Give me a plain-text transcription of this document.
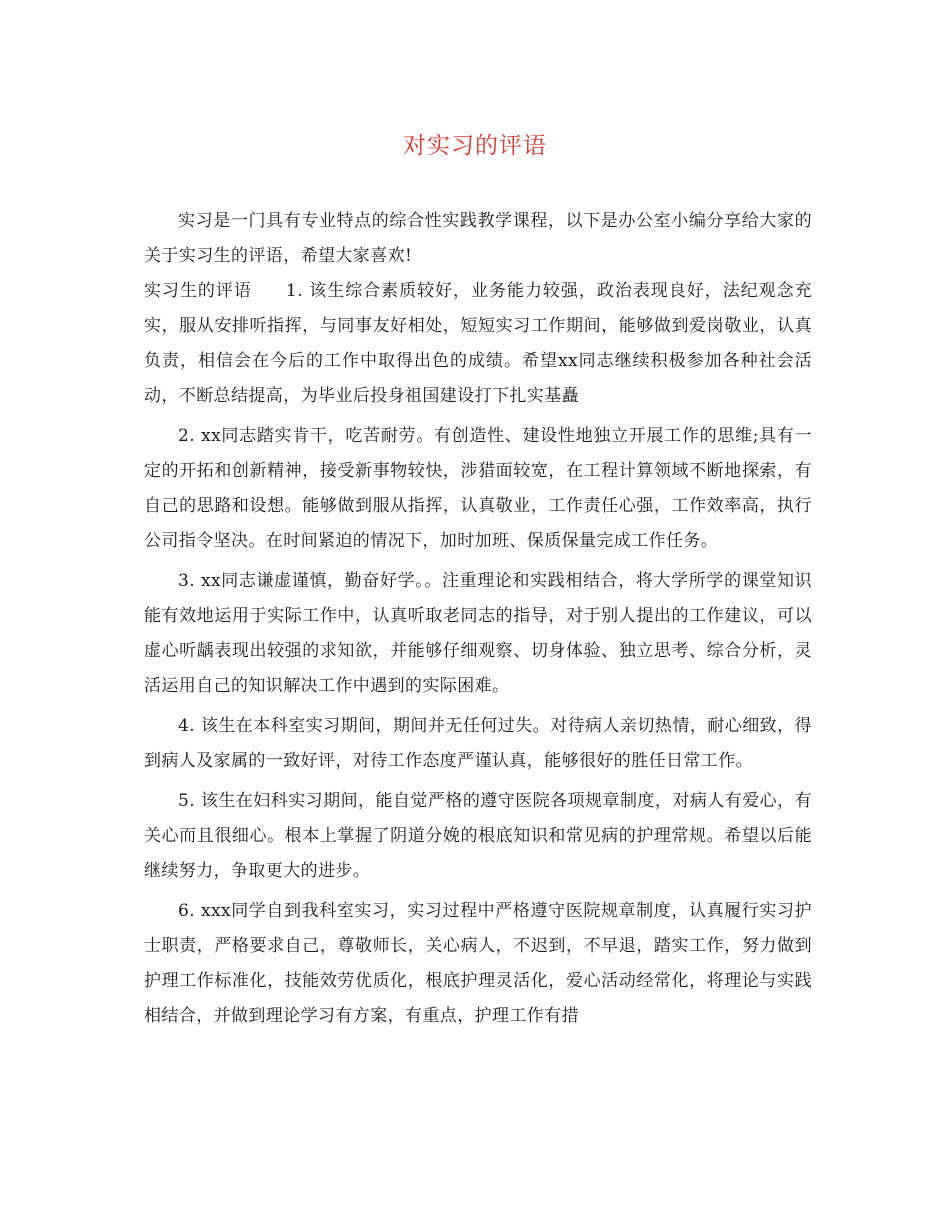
对实习的评语

实习是一门具有专业特点的综合性实践教学课程，以下是办公室小编分享给大家的关于实习生的评语，希望大家喜欢!

实习生的评语 1. 该生综合素质较好，业务能力较强，政治表现良好，法纪观念充实，服从安排听指挥，与同事友好相处，短短实习工作期间，能够做到爱岗敬业，认真负责，相信会在今后的工作中取得出色的成绩。希望xx同志继续积极参加各种社会活动，不断总结提高，为毕业后投身祖国建设打下扎实基矗

2. xx同志踏实肯干，吃苦耐劳。有创造性、建设性地独立开展工作的思维;具有一定的开拓和创新精神，接受新事物较快，涉猎面较宽，在工程计算领域不断地探索，有自己的思路和设想。能够做到服从指挥，认真敬业，工作责任心强，工作效率高，执行公司指令坚决。在时间紧迫的情况下，加时加班、保质保量完成工作任务。

3. xx同志谦虚谨慎，勤奋好学。。注重理论和实践相结合，将大学所学的课堂知识能有效地运用于实际工作中，认真听取老同志的指导，对于别人提出的工作建议，可以虚心听龋表现出较强的求知欲，并能够仔细观察、切身体验、独立思考、综合分析，灵活运用自己的知识解决工作中遇到的实际困难。

4. 该生在本科室实习期间，期间并无任何过失。对待病人亲切热情，耐心细致，得到病人及家属的一致好评，对待工作态度严谨认真，能够很好的胜任日常工作。

5. 该生在妇科实习期间，能自觉严格的遵守医院各项规章制度，对病人有爱心，有关心而且很细心。根本上掌握了阴道分娩的根底知识和常见病的护理常规。希望以后能继续努力，争取更大的进步。

6. xxx同学自到我科室实习，实习过程中严格遵守医院规章制度，认真履行实习护士职责，严格要求自己，尊敬师长，关心病人，不迟到，不早退，踏实工作，努力做到护理工作标准化，技能效劳优质化，根底护理灵活化，爱心活动经常化，将理论与实践相结合，并做到理论学习有方案，有重点，护理工作有措
